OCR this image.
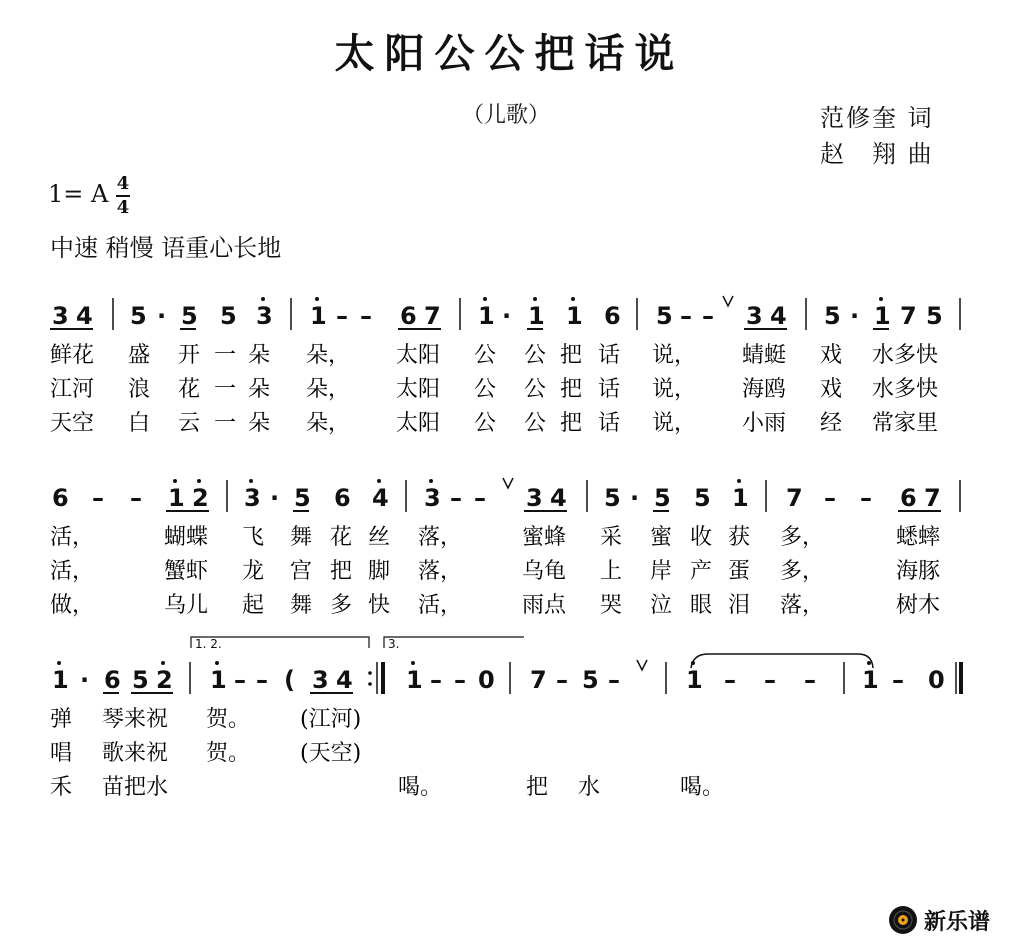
太阳公公把话说
（儿歌）	范修奎 词
赵　翔 曲
1= A 4
4
中速 稍慢 语重心长地
3 4 5 · 5 5 3 1 – – 6 7 1 · 1 1 6 5 – – 3 4 5 · 1 7 5
鲜花 盛 开 一 朵 朵， 太阳 公 公 把 话 说， 蜻蜓 戏 水多快
江河 浪 花 一 朵 朵， 太阳 公 公 把 话 说， 海鸥 戏 水多快
天空 白 云 一 朵 朵， 太阳 公 公 把 话 说， 小雨 经 常家里
6 – – 1 2 3 · 5 6 4 3 – – 3 4 5 · 5 5 1 7 – – 6 7
活，	蝴蝶 飞 舞 花 丝 落，	蜜蜂 采 蜜 收 获 多，	蟋蟀
活，	蟹虾 龙 宫 把 脚 落，	乌龟 上 岸 产 蛋 多，	海豚
做，	乌儿 起 舞 多 快 活，	雨点 哭 泣 眼 泪 落，	树木
1. 2.	3.
1 · 6 5 2 1 – – ( 3 4 1 – – 0 7 – 5 –	1 – – – 1 – 0
弹 琴来祝 贺。 (江河)
唱 歌来祝 贺。 (天空)
禾 苗把水	喝。	把 水	喝。
新乐谱
